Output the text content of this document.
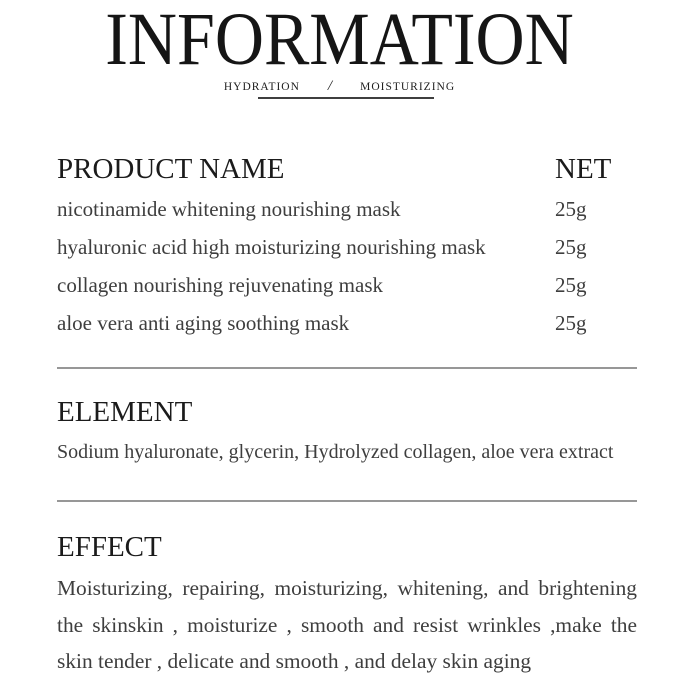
INFORMATION
HYDRATION / MOISTURIZING
PRODUCT NAME	NET
nicotinamide whitening nourishing mask	25g
hyaluronic acid high moisturizing nourishing mask	25g
collagen nourishing rejuvenating mask	25g
aloe vera anti aging soothing mask	25g
ELEMENT
Sodium hyaluronate, glycerin, Hydrolyzed collagen, aloe vera extract
EFFECT
Moisturizing, repairing, moisturizing, whitening, and brightening the skinskin , moisturize , smooth and resist wrinkles ,make the skin tender , delicate and smooth , and delay skin aging
